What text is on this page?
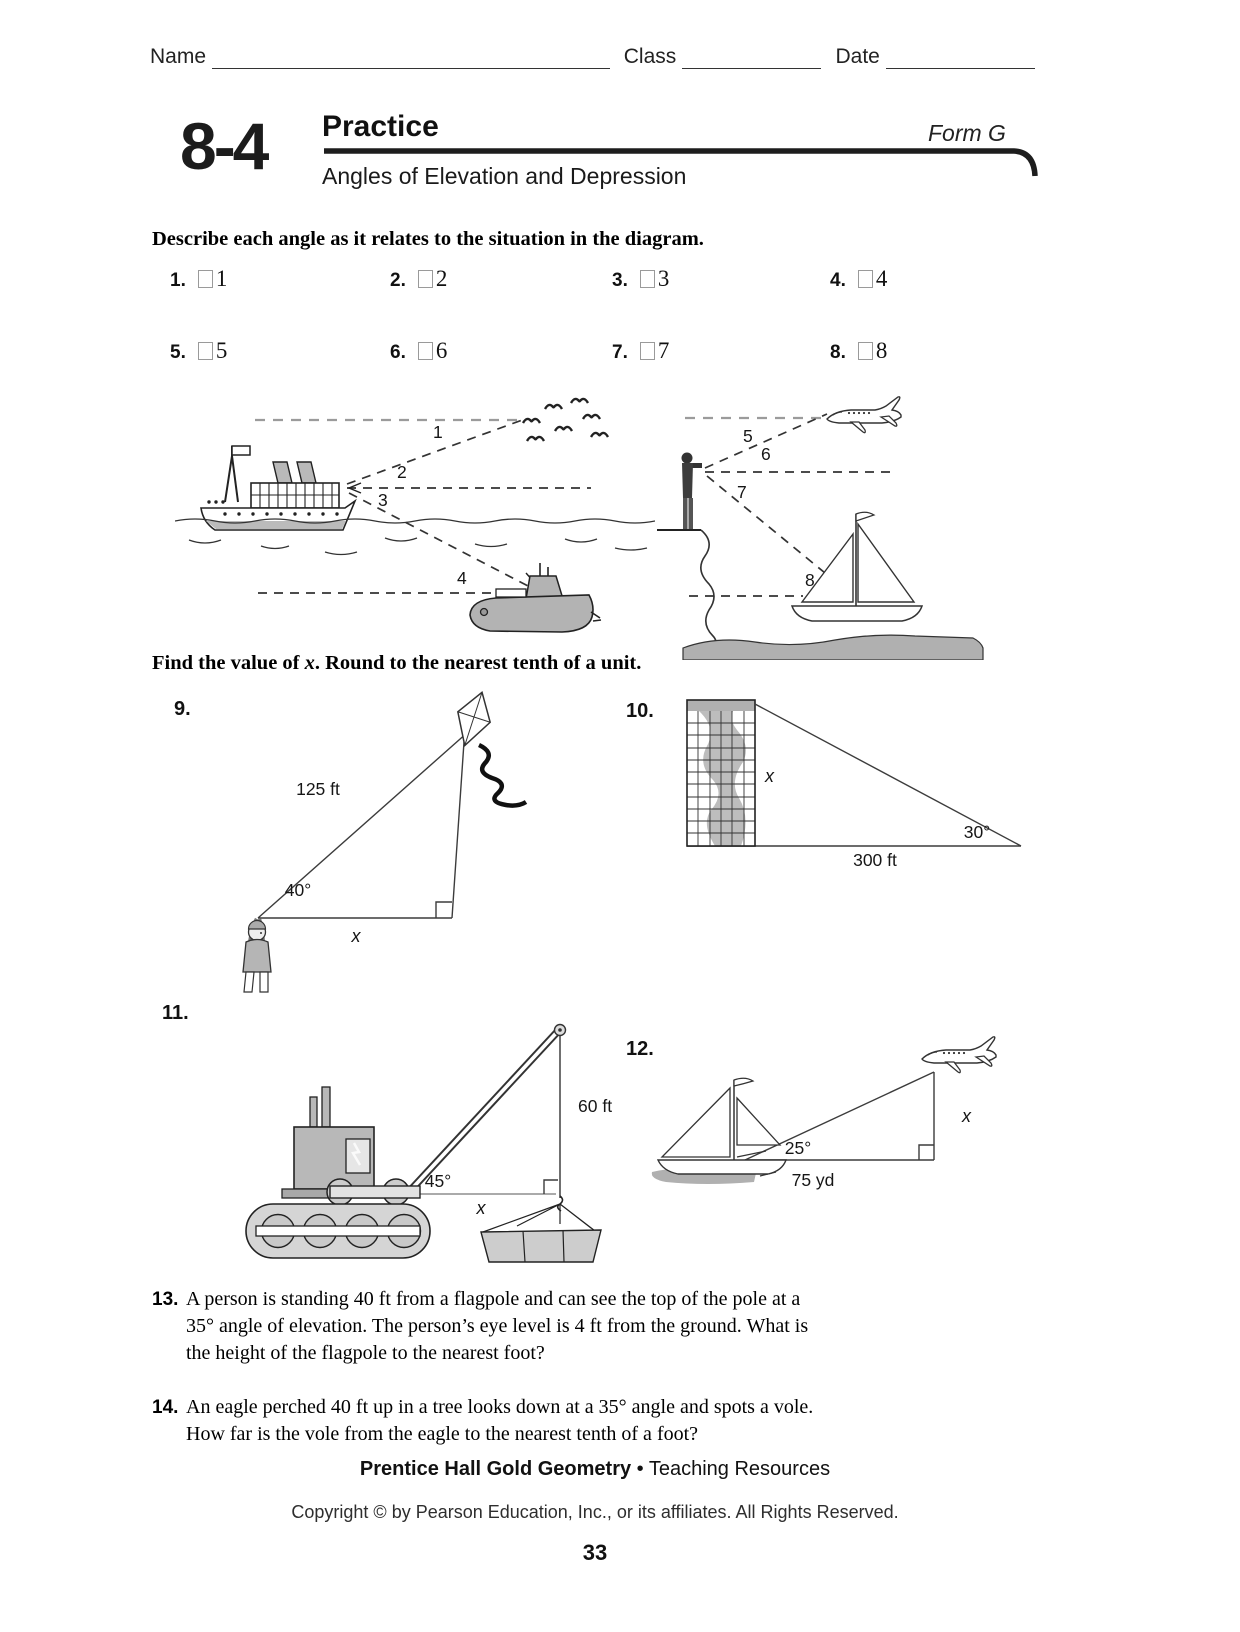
Name	Class	Date
8-4 Practice	Form G
Angles of Elevation and Depression
Describe each angle as it relates to the situation in the diagram.
1. 1	2. 2	3. 3	4. 4
5. 5	6. 6	7. 7	8. 8
1
2
3
4
5
6
7
8
Find the value of x. Round to the nearest tenth of a unit.
9.
125 ft
40°
x
10.
x
30°
300 ft
11.
60 ft
45°
x
12.
x
25°
75 yd
13. A person is standing 40 ft from a flagpole and can see the top of the pole at a
35° angle of elevation. The person’s eye level is 4 ft from the ground. What is
the height of the flagpole to the nearest foot?
14. An eagle perched 40 ft up in a tree looks down at a 35° angle and spots a vole.
How far is the vole from the eagle to the nearest tenth of a foot?
Prentice Hall Gold Geometry • Teaching Resources
Copyright © by Pearson Education, Inc., or its affiliates. All Rights Reserved.
33
